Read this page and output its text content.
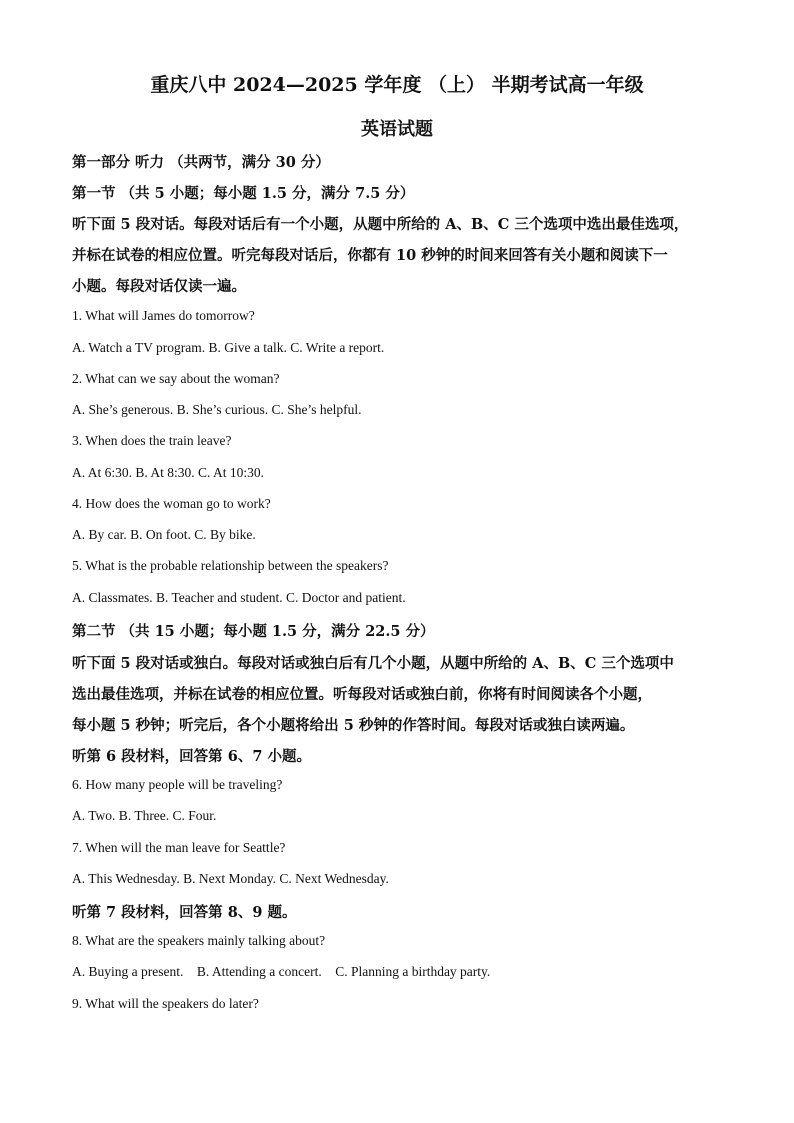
重庆八中 2024—2025 学年度 （上） 半期考试高一年级
英语试题
第一部分 听力 （共两节，满分 30 分）
第一节 （共 5 小题；每小题 1.5 分，满分 7.5 分）
听下面 5 段对话。每段对话后有一个小题，从题中所给的 A、B、C 三个选项中选出最佳选项，
并标在试卷的相应位置。听完每段对话后，你都有 10 秒钟的时间来回答有关小题和阅读下一
小题。每段对话仅读一遍。
1. What will James do tomorrow?
A. Watch a TV program. B. Give a talk. C. Write a report.
2. What can we say about the woman?
A. She’s generous. B. She’s curious. C. She’s helpful.
3. When does the train leave?
A. At 6:30. B. At 8:30. C. At 10:30.
4. How does the woman go to work?
A. By car. B. On foot. C. By bike.
5. What is the probable relationship between the speakers?
A. Classmates. B. Teacher and student. C. Doctor and patient.
第二节 （共 15 小题；每小题 1.5 分，满分 22.5 分）
听下面 5 段对话或独白。每段对话或独白后有几个小题，从题中所给的 A、B、C 三个选项中
选出最佳选项，并标在试卷的相应位置。听每段对话或独白前，你将有时间阅读各个小题，
每小题 5 秒钟；听完后，各个小题将给出 5 秒钟的作答时间。每段对话或独白读两遍。
听第 6 段材料，回答第 6、7 小题。
6. How many people will be traveling?
A. Two. B. Three. C. Four.
7. When will the man leave for Seattle?
A. This Wednesday. B. Next Monday. C. Next Wednesday.
听第 7 段材料，回答第 8、9 题。
8. What are the speakers mainly talking about?
A. Buying a present.    B. Attending a concert.    C. Planning a birthday party.
9. What will the speakers do later?
